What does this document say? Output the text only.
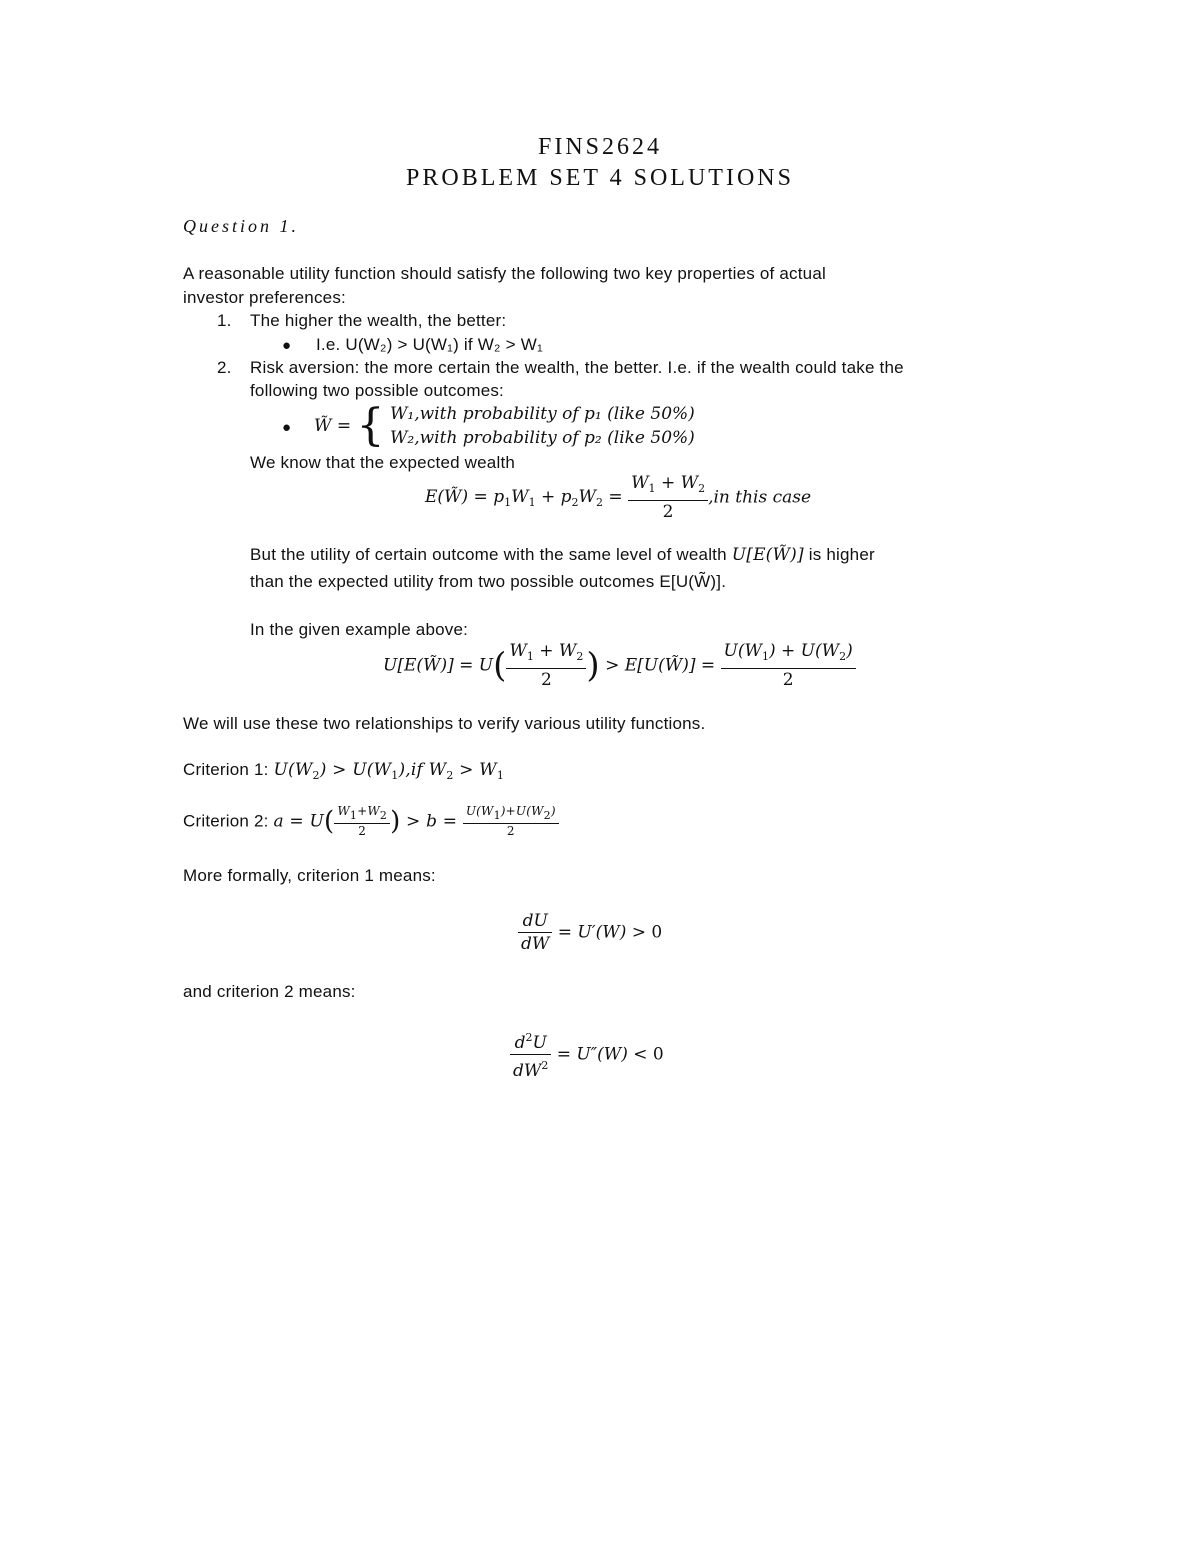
FINS2624
PROBLEM SET 4 SOLUTIONS
Question 1.
A reasonable utility function should satisfy the following two key properties of actual
investor preferences:
1. The higher the wealth, the better:
● I.e. U(W₂) > U(W₁) if W₂ > W₁
2. Risk aversion: the more certain the wealth, the better. I.e. if the wealth could take the
following two possible outcomes:
● W̃ = { W₁,with probability of p₁ (like 50%)
W₂,with probability of p₂ (like 50%)
We know that the expected wealth
E(W̃) = $p_1W_1 + p_2W_2 = \frac{W_1 + W_2}{2} ,in$ this case
But the utility of certain outcome with the same level of wealth U[E(W̃)] is higher
than the expected utility from two possible outcomes E[U(W̃)].
In the given example above:
U[E(W̃)] = $U( \frac{W_1 + W_2}{2}$ ) > E[U(W̃)] = $\frac{U(W_1) + U(W_2)}{2}$
We will use these two relationships to verify various utility functions.
Criterion 1: $U(W_2) > U(W_1),if$ $W_2 > W_1$
Criterion 2: $a = U( \frac{W1+W2}{2}$ ) > $b = \frac{U(W1)+U(W2)}{2}$
More formally, criterion 1 means:
$\frac{dU}{dW} = U'(W) > 0$
and criterion 2 means:
$\frac{d^2U}{dW^2} = U''(W) < 0$
